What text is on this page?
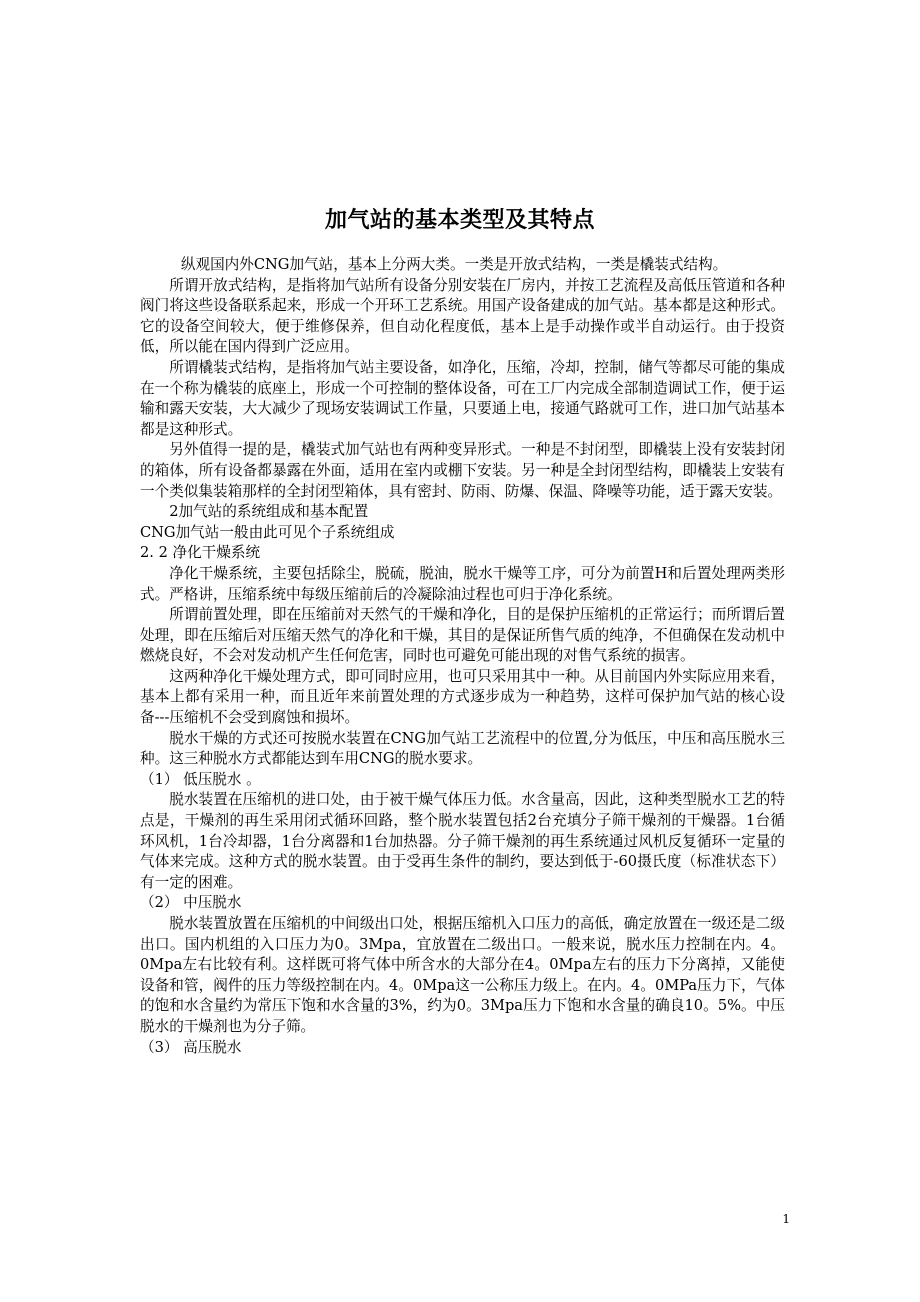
加气站的基本类型及其特点

纵观国内外CNG加气站，基本上分两大类。一类是开放式结构，一类是橇装式结构。

所谓开放式结构，是指将加气站所有设备分别安装在厂房内，并按工艺流程及高低压管道和各种阀门将这些设备联系起来，形成一个开环工艺系统。用国产设备建成的加气站。基本都是这种形式。它的设备空间较大，便于维修保养，但自动化程度低，基本上是手动操作或半自动运行。由于投资低，所以能在国内得到广泛应用。

所谓橇装式结构，是指将加气站主要设备，如净化，压缩，冷却，控制，储气等都尽可能的集成在一个称为橇装的底座上，形成一个可控制的整体设备，可在工厂内完成全部制造调试工作，便于运输和露天安装，大大减少了现场安装调试工作量，只要通上电，接通气路就可工作，进口加气站基本都是这种形式。

另外值得一提的是，橇装式加气站也有两种变异形式。一种是不封闭型，即橇装上没有安装封闭的箱体，所有设备都暴露在外面，适用在室内或棚下安装。另一种是全封闭型结构，即橇装上安装有一个类似集装箱那样的全封闭型箱体，具有密封、防雨、防爆、保温、降噪等功能，适于露天安装。

2加气站的系统组成和基本配置

CNG加气站一般由此可见个子系统组成

2. 2 净化干燥系统

净化干燥系统，主要包括除尘，脱硫，脱油，脱水干燥等工序，可分为前置H和后置处理两类形式。严格讲，压缩系统中每级压缩前后的冷凝除油过程也可归于净化系统。

所谓前置处理，即在压缩前对天然气的干燥和净化，目的是保护压缩机的正常运行；而所谓后置处理，即在压缩后对压缩天然气的净化和干燥，其目的是保证所售气质的纯净，不但确保在发动机中燃烧良好，不会对发动机产生任何危害，同时也可避免可能出现的对售气系统的损害。

这两种净化干燥处理方式，即可同时应用，也可只采用其中一种。从目前国内外实际应用来看，基本上都有采用一种，而且近年来前置处理的方式逐步成为一种趋势，这样可保护加气站的核心设备---压缩机不会受到腐蚀和损坏。

脱水干燥的方式还可按脱水装置在CNG加气站工艺流程中的位置,分为低压，中压和高压脱水三种。这三种脱水方式都能达到车用CNG的脱水要求。

（1） 低压脱水 。

脱水装置在压缩机的进口处，由于被干燥气体压力低。水含量高，因此，这种类型脱水工艺的特点是，干燥剂的再生采用闭式循环回路，整个脱水装置包括2台充填分子筛干燥剂的干燥器。1台循环风机，1台冷却器，1台分离器和1台加热器。分子筛干燥剂的再生系统通过风机反复循环一定量的气体来完成。这种方式的脱水装置。由于受再生条件的制约，要达到低于-60摄氏度（标准状态下）有一定的困难。

（2） 中压脱水

脱水装置放置在压缩机的中间级出口处，根据压缩机入口压力的高低，确定放置在一级还是二级出口。国内机组的入口压力为0。3Mpa，宜放置在二级出口。一般来说，脱水压力控制在内。4。0Mpa左右比较有利。这样既可将气体中所含水的大部分在4。0Mpa左右的压力下分离掉，又能使设备和管，阀件的压力等级控制在内。4。0Mpa这一公称压力级上。在内。4。0MPa压力下，气体的饱和水含量约为常压下饱和水含量的3%，约为0。3Mpa压力下饱和水含量的确良10。5%。中压脱水的干燥剂也为分子筛。

（3） 高压脱水

1
